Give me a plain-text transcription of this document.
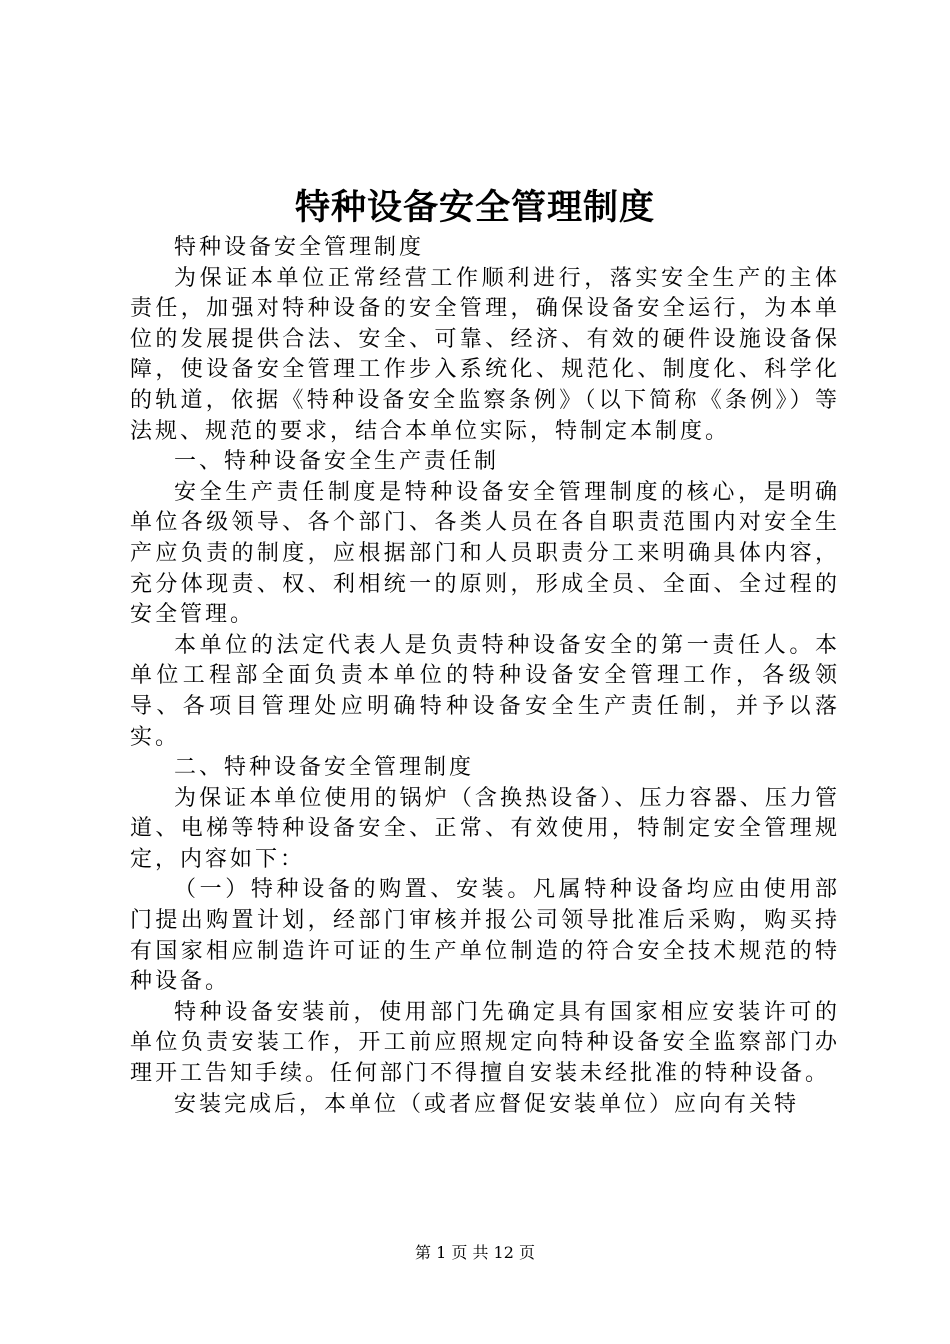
特种设备安全管理制度

特种设备安全管理制度

为保证本单位正常经营工作顺利进行，落实安全生产的主体责任，加强对特种设备的安全管理，确保设备安全运行，为本单位的发展提供合法、安全、可靠、经济、有效的硬件设施设备保障，使设备安全管理工作步入系统化、规范化、制度化、科学化的轨道，依据《特种设备安全监察条例》（以下简称《条例》）等法规、规范的要求，结合本单位实际，特制定本制度。

一、特种设备安全生产责任制

安全生产责任制度是特种设备安全管理制度的核心，是明确单位各级领导、各个部门、各类人员在各自职责范围内对安全生产应负责的制度，应根据部门和人员职责分工来明确具体内容，充分体现责、权、利相统一的原则，形成全员、全面、全过程的安全管理。

本单位的法定代表人是负责特种设备安全的第一责任人。本单位工程部全面负责本单位的特种设备安全管理工作，各级领导、各项目管理处应明确特种设备安全生产责任制，并予以落实。

二、特种设备安全管理制度

为保证本单位使用的锅炉（含换热设备）、压力容器、压力管道、电梯等特种设备安全、正常、有效使用，特制定安全管理规定，内容如下：

（一）特种设备的购置、安装。凡属特种设备均应由使用部门提出购置计划，经部门审核并报公司领导批准后采购，购买持有国家相应制造许可证的生产单位制造的符合安全技术规范的特种设备。

特种设备安装前，使用部门先确定具有国家相应安装许可的单位负责安装工作，开工前应照规定向特种设备安全监察部门办理开工告知手续。任何部门不得擅自安装未经批准的特种设备。

安装完成后，本单位（或者应督促安装单位）应向有关特

第 1 页 共 12 页
